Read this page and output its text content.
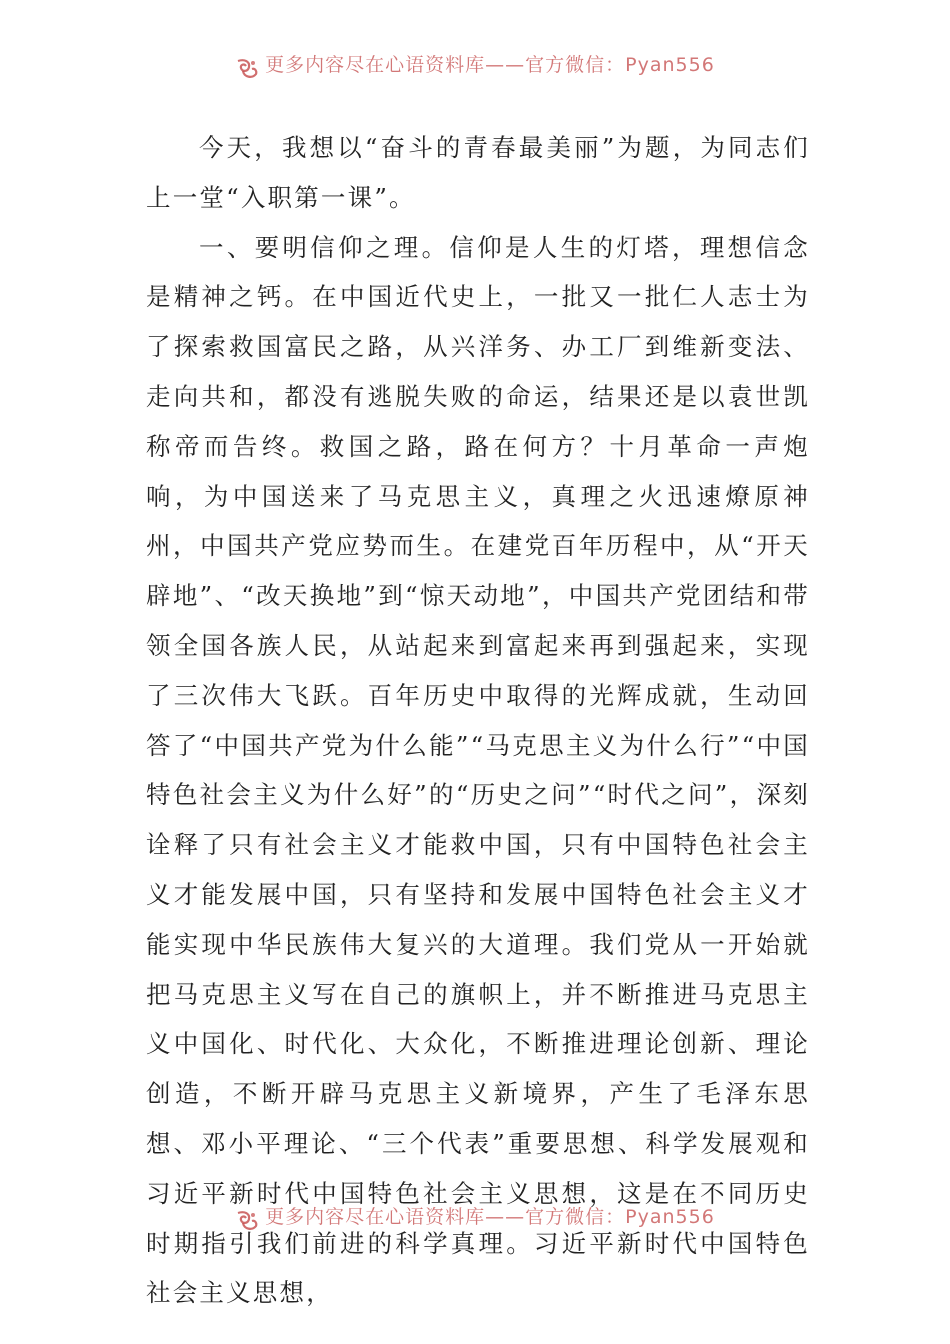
更多内容尽在心语资料库——官方微信：Pyan556

今天，我想以“奋斗的青春最美丽”为题，为同志们上一堂“入职第一课”。

一、要明信仰之理。信仰是人生的灯塔，理想信念是精神之钙。在中国近代史上，一批又一批仁人志士为了探索救国富民之路，从兴洋务、办工厂到维新变法、走向共和，都没有逃脱失败的命运，结果还是以袁世凯称帝而告终。救国之路，路在何方？十月革命一声炮响，为中国送来了马克思主义，真理之火迅速燎原神州，中国共产党应势而生。在建党百年历程中，从“开天辟地”、“改天换地”到“惊天动地”，中国共产党团结和带领全国各族人民，从站起来到富起来再到强起来，实现了三次伟大飞跃。百年历史中取得的光辉成就，生动回答了“中国共产党为什么能”“马克思主义为什么行”“中国特色社会主义为什么好”的“历史之问”“时代之问”，深刻诠释了只有社会主义才能救中国，只有中国特色社会主义才能发展中国，只有坚持和发展中国特色社会主义才能实现中华民族伟大复兴的大道理。我们党从一开始就把马克思主义写在自己的旗帜上，并不断推进马克思主义中国化、时代化、大众化，不断推进理论创新、理论创造，不断开辟马克思主义新境界，产生了毛泽东思想、邓小平理论、“三个代表”重要思想、科学发展观和习近平新时代中国特色社会主义思想，这是在不同历史时期指引我们前进的科学真理。习近平新时代中国特色社会主义思想，

更多内容尽在心语资料库——官方微信：Pyan556
